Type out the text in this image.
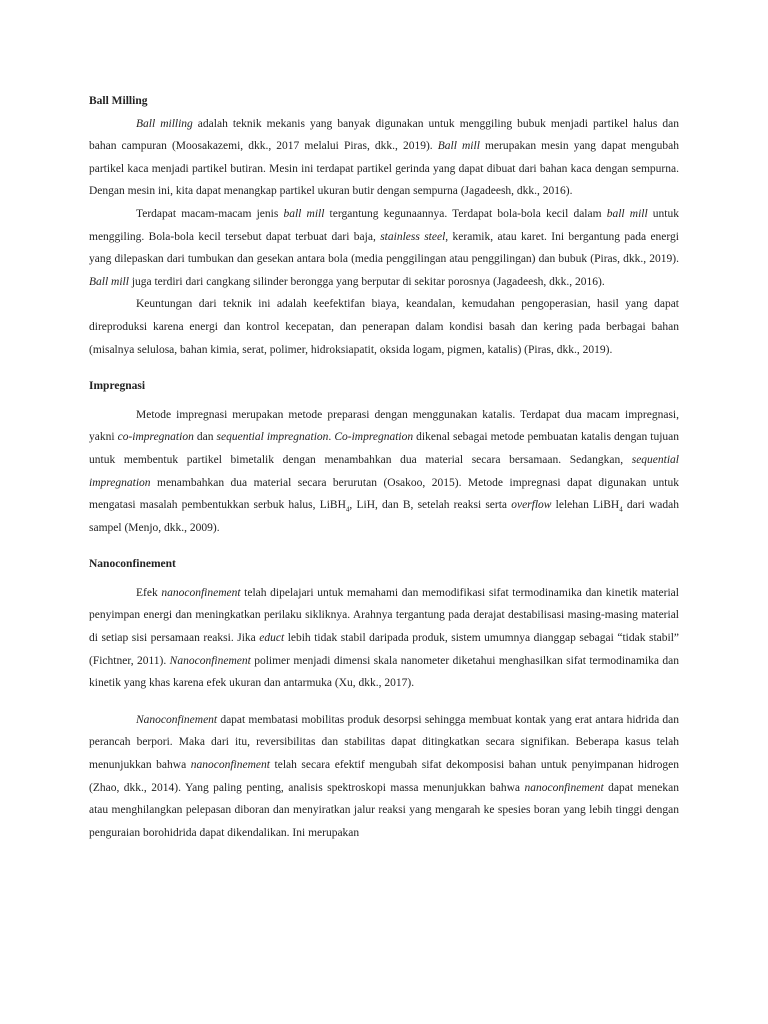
Ball Milling

Ball milling adalah teknik mekanis yang banyak digunakan untuk menggiling bubuk menjadi partikel halus dan bahan campuran (Moosakazemi, dkk., 2017 melalui Piras, dkk., 2019). Ball mill merupakan mesin yang dapat mengubah partikel kaca menjadi partikel butiran. Mesin ini terdapat partikel gerinda yang dapat dibuat dari bahan kaca dengan sempurna. Dengan mesin ini, kita dapat menangkap partikel ukuran butir dengan sempurna (Jagadeesh, dkk., 2016).

Terdapat macam-macam jenis ball mill tergantung kegunaannya. Terdapat bola-bola kecil dalam ball mill untuk menggiling. Bola-bola kecil tersebut dapat terbuat dari baja, stainless steel, keramik, atau karet. Ini bergantung pada energi yang dilepaskan dari tumbukan dan gesekan antara bola (media penggilingan atau penggilingan) dan bubuk (Piras, dkk., 2019). Ball mill juga terdiri dari cangkang silinder berongga yang berputar di sekitar porosnya (Jagadeesh, dkk., 2016).

Keuntungan dari teknik ini adalah keefektifan biaya, keandalan, kemudahan pengoperasian, hasil yang dapat direproduksi karena energi dan kontrol kecepatan, dan penerapan dalam kondisi basah dan kering pada berbagai bahan (misalnya selulosa, bahan kimia, serat, polimer, hidroksiapatit, oksida logam, pigmen, katalis) (Piras, dkk., 2019).

Impregnasi

Metode impregnasi merupakan metode preparasi dengan menggunakan katalis. Terdapat dua macam impregnasi, yakni co-impregnation dan sequential impregnation. Co-impregnation dikenal sebagai metode pembuatan katalis dengan tujuan untuk membentuk partikel bimetalik dengan menambahkan dua material secara bersamaan. Sedangkan, sequential impregnation menambahkan dua material secara berurutan (Osakoo, 2015). Metode impregnasi dapat digunakan untuk mengatasi masalah pembentukkan serbuk halus, LiBH$_4$, LiH, dan B, setelah reaksi serta overflow lelehan LiBH$_4$ dari wadah sampel (Menjo, dkk., 2009).

Nanoconfinement

Efek nanoconfinement telah dipelajari untuk memahami dan memodifikasi sifat termodinamika dan kinetik material penyimpan energi dan meningkatkan perilaku sikliknya. Arahnya tergantung pada derajat destabilisasi masing-masing material di setiap sisi persamaan reaksi. Jika educt lebih tidak stabil daripada produk, sistem umumnya dianggap sebagai “tidak stabil” (Fichtner, 2011). Nanoconfinement polimer menjadi dimensi skala nanometer diketahui menghasilkan sifat termodinamika dan kinetik yang khas karena efek ukuran dan antarmuka (Xu, dkk., 2017).

Nanoconfinement dapat membatasi mobilitas produk desorpsi sehingga membuat kontak yang erat antara hidrida dan perancah berpori. Maka dari itu, reversibilitas dan stabilitas dapat ditingkatkan secara signifikan. Beberapa kasus telah menunjukkan bahwa nanoconfinement telah secara efektif mengubah sifat dekomposisi bahan untuk penyimpanan hidrogen (Zhao, dkk., 2014). Yang paling penting, analisis spektroskopi massa menunjukkan bahwa nanoconfinement dapat menekan atau menghilangkan pelepasan diboran dan menyiratkan jalur reaksi yang mengarah ke spesies boran yang lebih tinggi dengan penguraian borohidrida dapat dikendalikan. Ini merupakan
